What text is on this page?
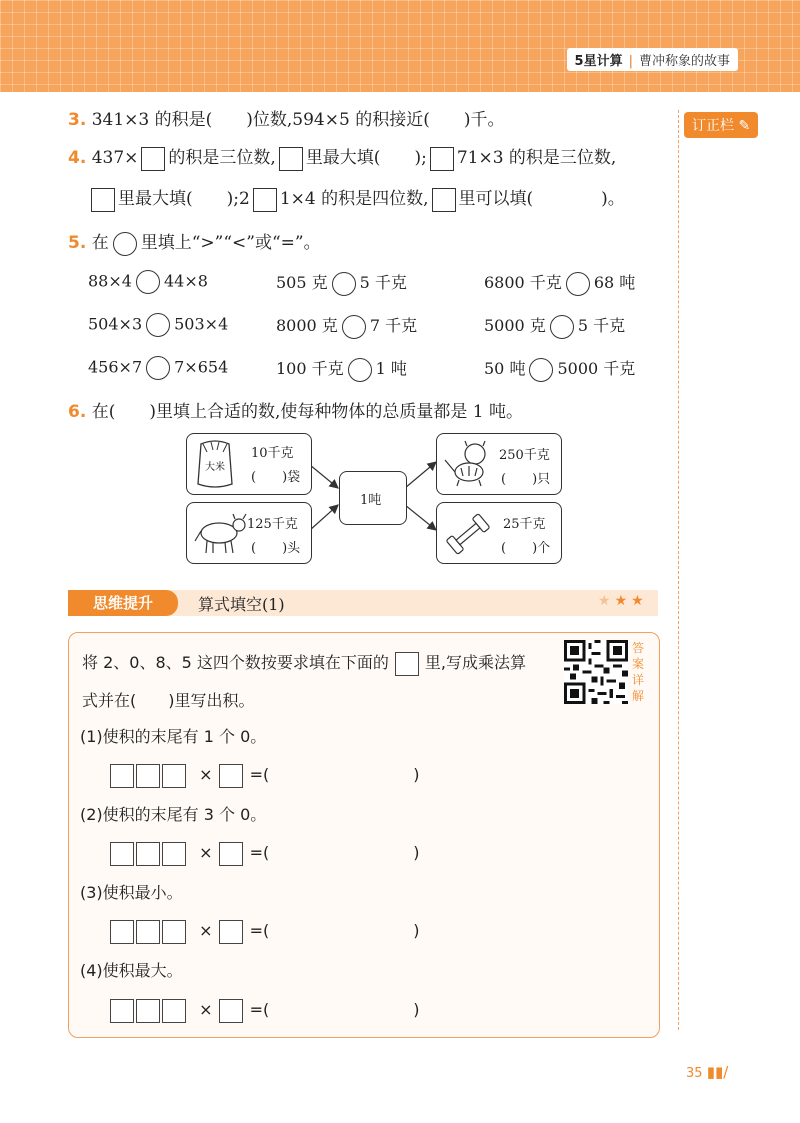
5星计算 | 曹冲称象的故事
订正栏 ✎
3. 341×3 的积是(　　)位数,594×5 的积接近(　　)千。
4. 437× 的积是三位数, 里最大填(　　); 71×3 的积是三位数,
里最大填(　　);2 1×4 的积是四位数, 里可以填(　　　　)。
5. 在 里填上“>”“<”或“=”。
88×4 44×8	505 克 5 千克	6800 千克 68 吨
504×3 503×4	8000 克 7 千克	5000 克 5 千克
456×7 7×654	100 千克 1 吨	50 吨 5000 千克
6. 在(　　)里填上合适的数,使每种物体的总质量都是 1 吨。
大米
10千克
(　　)袋
125千克
(　　)头
1吨
250千克
(　　)只
25千克
(　　)个
思维提升	算式填空(1)	★★★
将 2、0、8、5 这四个数按要求填在下面的 里,写成乘法算
式并在(　　)里写出积。
答案详解
(1)使积的末尾有 1 个 0。
× =(　　　　　　　　　)
(2)使积的末尾有 3 个 0。
× =(　　　　　　　　　)
(3)使积最小。
× =(　　　　　　　　　)
(4)使积最大。
× =(　　　　　　　　　)
35 ▮▮/
